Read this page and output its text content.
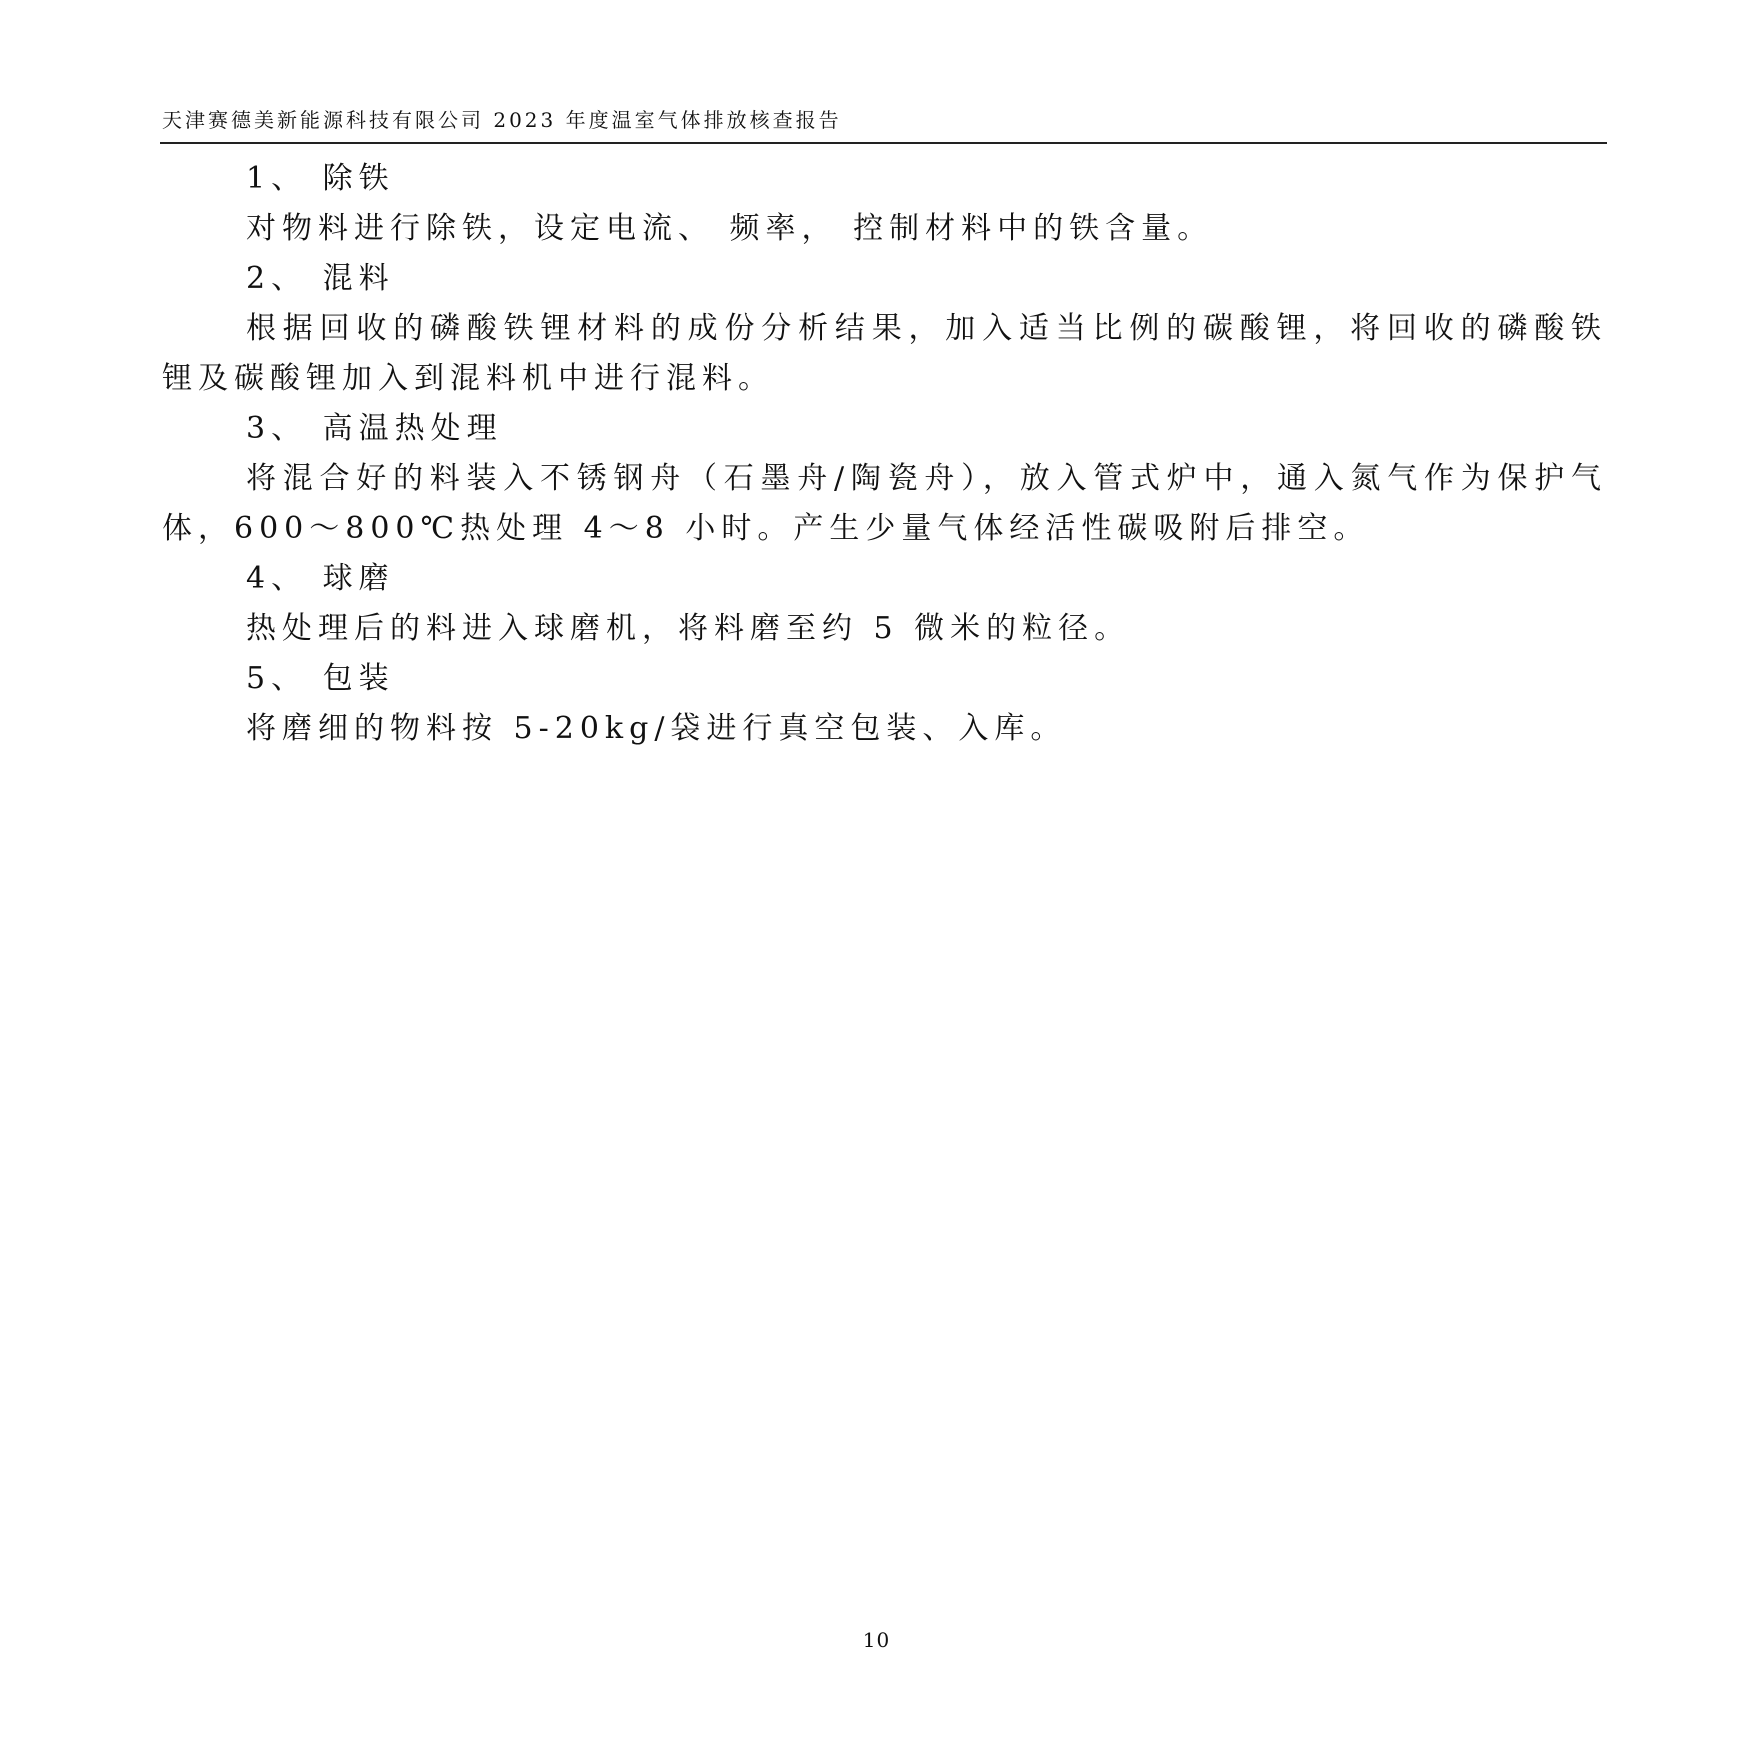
天津赛德美新能源科技有限公司 2023 年度温室气体排放核查报告

1、 除铁

对物料进行除铁，设定电流、 频率， 控制材料中的铁含量。

2、 混料

根据回收的磷酸铁锂材料的成份分析结果，加入适当比例的碳酸锂，将回收的磷酸铁锂及碳酸锂加入到混料机中进行混料。

3、 高温热处理

将混合好的料装入不锈钢舟（石墨舟/陶瓷舟），放入管式炉中，通入氮气作为保护气体，600～800℃热处理 4～8 小时。产生少量气体经活性碳吸附后排空。

4、 球磨

热处理后的料进入球磨机，将料磨至约 5 微米的粒径。

5、 包装

将磨细的物料按 5-20kg/袋进行真空包装、入库。

10
